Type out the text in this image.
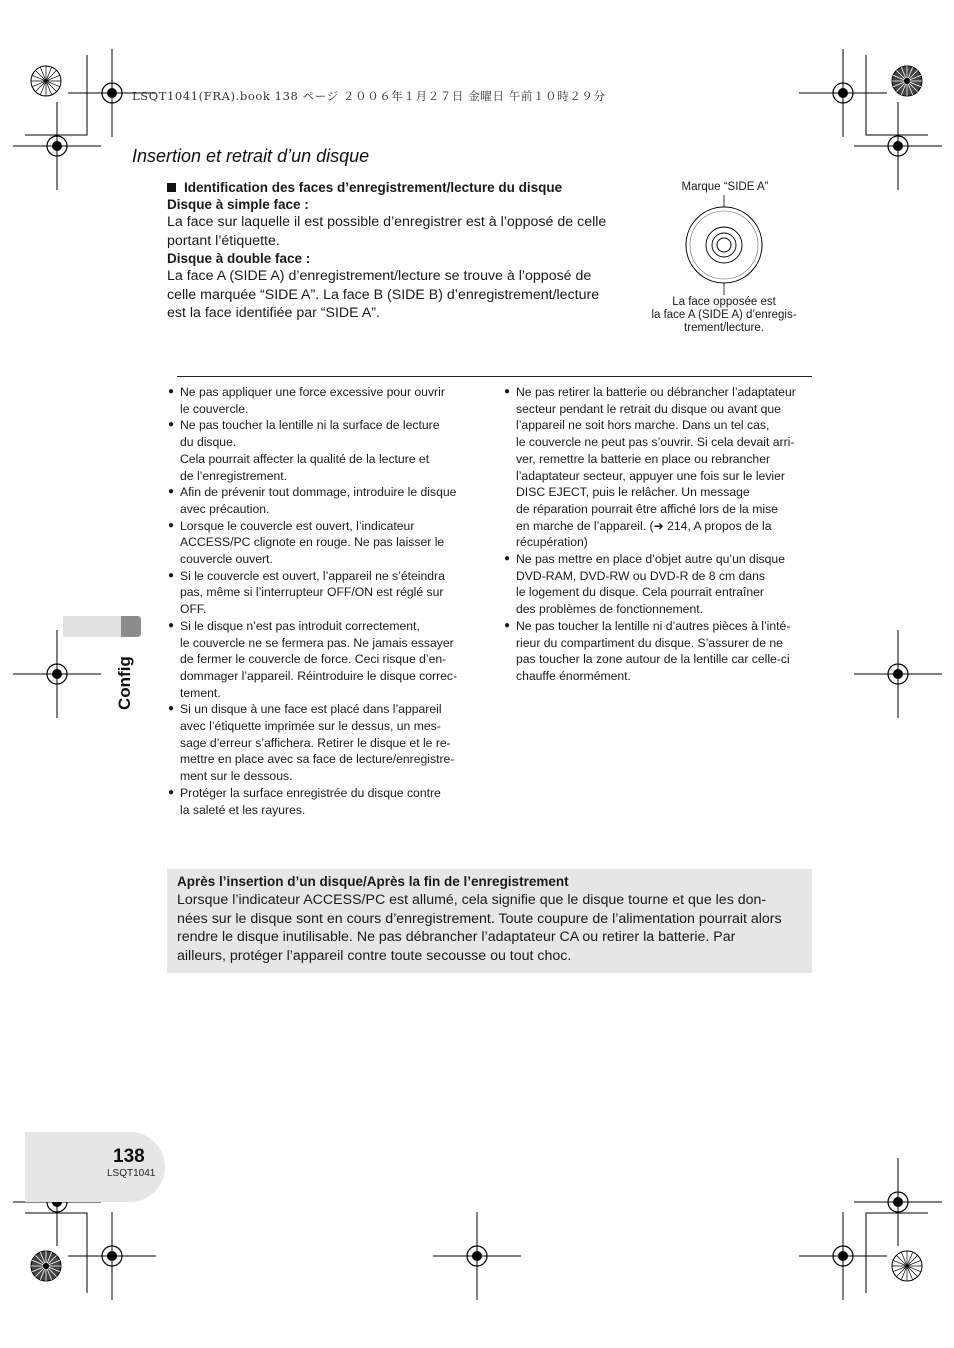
LSQT1041(FRA).book 138 ページ ２００６年１月２７日 金曜日 午前１０時２９分
Insertion et retrait d’un disque
Identification des faces d’enregistrement/lecture du disque
Disque à simple face :
La face sur laquelle il est possible d’enregistrer est à l’opposé de celle
portant l’étiquette.
Disque à double face :
La face A (SIDE A) d’enregistrement/lecture se trouve à l’opposé de
celle marquée “SIDE A”. La face B (SIDE B) d’enregistrement/lecture
est la face identifiée par “SIDE A”.
Marque “SIDE A”
La face opposée est
la face A (SIDE A) d’enregis-
trement/lecture.
● Ne pas appliquer une force excessive pour ouvrir
le couvercle.
● Ne pas toucher la lentille ni la surface de lecture
du disque.
Cela pourrait affecter la qualité de la lecture et
de l’enregistrement.
● Afin de prévenir tout dommage, introduire le disque
avec précaution.
● Lorsque le couvercle est ouvert, l’indicateur
ACCESS/PC clignote en rouge. Ne pas laisser le
couvercle ouvert.
● Si le couvercle est ouvert, l’appareil ne s’éteindra
pas, même si l’interrupteur OFF/ON est réglé sur
OFF.
● Si le disque n’est pas introduit correctement,
le couvercle ne se fermera pas. Ne jamais essayer
de fermer le couvercle de force. Ceci risque d’en-
dommager l’appareil. Réintroduire le disque correc-
tement.
● Si un disque à une face est placé dans l’appareil
avec l’étiquette imprimée sur le dessus, un mes-
sage d’erreur s’affichera. Retirer le disque et le re-
mettre en place avec sa face de lecture/enregistre-
ment sur le dessous.
● Protéger la surface enregistrée du disque contre
la saleté et les rayures.
● Ne pas retirer la batterie ou débrancher l’adaptateur
secteur pendant le retrait du disque ou avant que
l’appareil ne soit hors marche. Dans un tel cas,
le couvercle ne peut pas s’ouvrir. Si cela devait arri-
ver, remettre la batterie en place ou rebrancher
l’adaptateur secteur, appuyer une fois sur le levier
DISC EJECT, puis le relâcher. Un message
de réparation pourrait être affiché lors de la mise
en marche de l’appareil. (➜ 214, A propos de la
récupération)
● Ne pas mettre en place d’objet autre qu’un disque
DVD-RAM, DVD-RW ou DVD-R de 8 cm dans
le logement du disque. Cela pourrait entraîner
des problèmes de fonctionnement.
● Ne pas toucher la lentille ni d’autres pièces à l’inté-
rieur du compartiment du disque. S’assurer de ne
pas toucher la zone autour de la lentille car celle-ci
chauffe énormément.
Après l’insertion d’un disque/Après la fin de l’enregistrement
Lorsque l’indicateur ACCESS/PC est allumé, cela signifie que le disque tourne et que les don-
nées sur le disque sont en cours d’enregistrement. Toute coupure de l’alimentation pourrait alors
rendre le disque inutilisable. Ne pas débrancher l’adaptateur CA ou retirer la batterie. Par
ailleurs, protéger l’appareil contre toute secousse ou tout choc.
Config
138
LSQT1041
